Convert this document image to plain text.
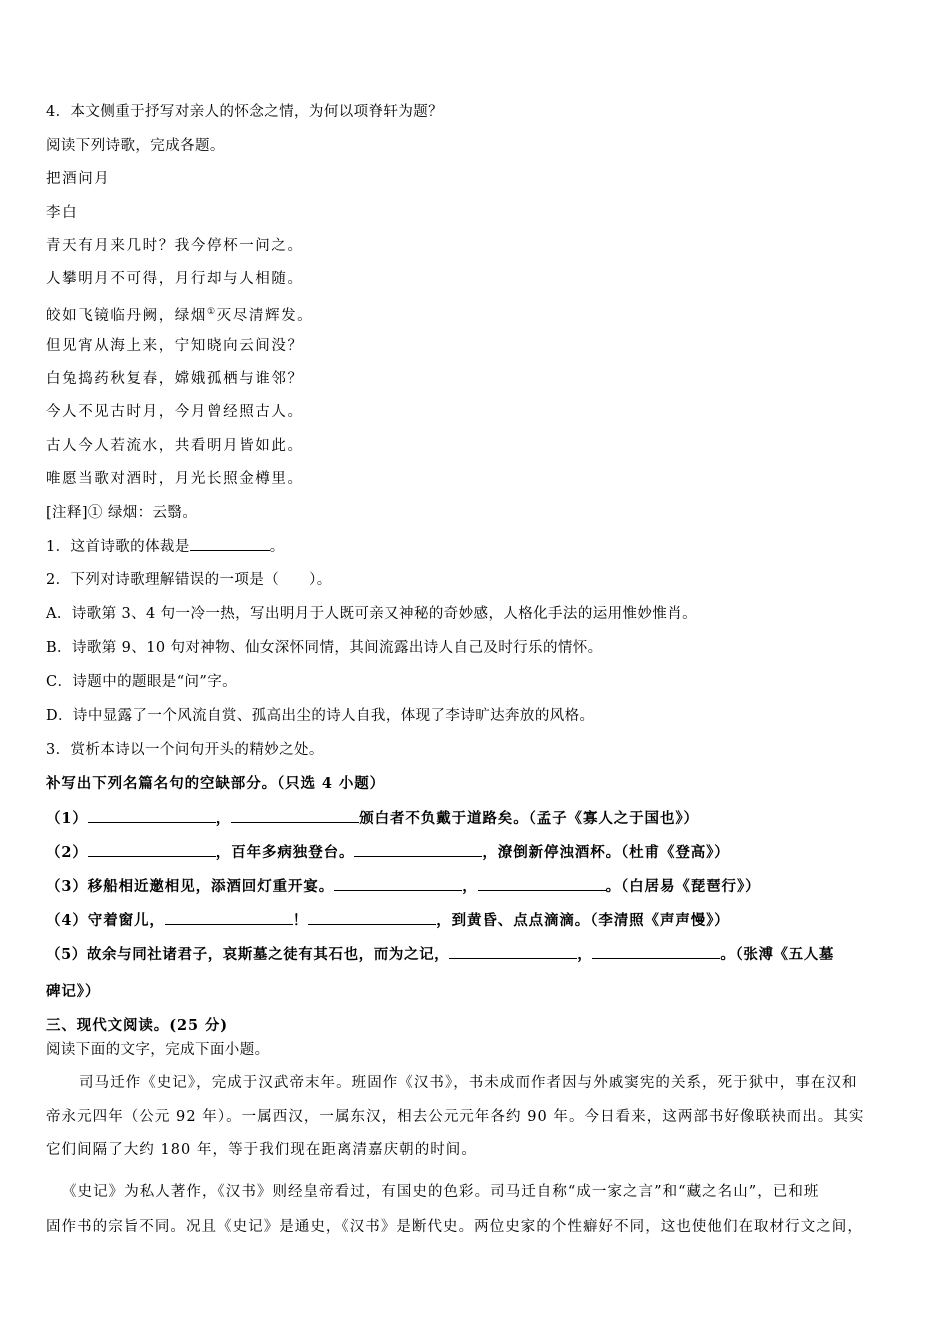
4．本文侧重于抒写对亲人的怀念之情，为何以项脊轩为题？
阅读下列诗歌，完成各题。
把酒问月
李白
青天有月来几时？我今停杯一问之。
人攀明月不可得，月行却与人相随。
皎如飞镜临丹阙，绿烟①灭尽清辉发。
但见宵从海上来，宁知晓向云间没？
白兔捣药秋复春，嫦娥孤栖与谁邻？
今人不见古时月，今月曾经照古人。
古人今人若流水，共看明月皆如此。
唯愿当歌对酒时，月光长照金樽里。
[注释]① 绿烟：云翳。
1．这首诗歌的体裁是	。
2．下列对诗歌理解错误的一项是（ ）。
A．诗歌第 3、4 句一冷一热，写出明月于人既可亲又神秘的奇妙感，人格化手法的运用惟妙惟肖。
B．诗歌第 9、10 句对神物、仙女深怀同情，其间流露出诗人自己及时行乐的情怀。
C．诗题中的题眼是“问”字。
D．诗中显露了一个风流自赏、孤高出尘的诗人自我，体现了李诗旷达奔放的风格。
3．赏析本诗以一个问句开头的精妙之处。
补写出下列名篇名句的空缺部分。（只选 4 小题）
（1）	，	颁白者不负戴于道路矣。（孟子《寡人之于国也》）
（2）	，百年多病独登台。	，潦倒新停浊酒杯。（杜甫《登高》）
（3）移船相近邀相见，添酒回灯重开宴。	，	。（白居易《琵琶行》）
（4）守着窗儿，	！	，到黄昏、点点滴滴。（李清照《声声慢》）
（5）故余与同社诸君子，哀斯墓之徒有其石也，而为之记，	，	。（张溥《五人墓
碑记》）
三、现代文阅读。(25 分)
阅读下面的文字，完成下面小题。
司马迁作《史记》，完成于汉武帝末年。班固作《汉书》，书未成而作者因与外戚窦宪的关系，死于狱中，事在汉和
帝永元四年（公元 92 年）。一属西汉，一属东汉，相去公元元年各约 90 年。今日看来，这两部书好像联袂而出。其实
它们间隔了大约 180 年，等于我们现在距离清嘉庆朝的时间。
《史记》为私人著作，《汉书》则经皇帝看过，有国史的色彩。司马迁自称“成一家之言”和“藏之名山”，已和班
固作书的宗旨不同。况且《史记》是通史，《汉书》是断代史。两位史家的个性癖好不同，这也使他们在取材行文之间，
